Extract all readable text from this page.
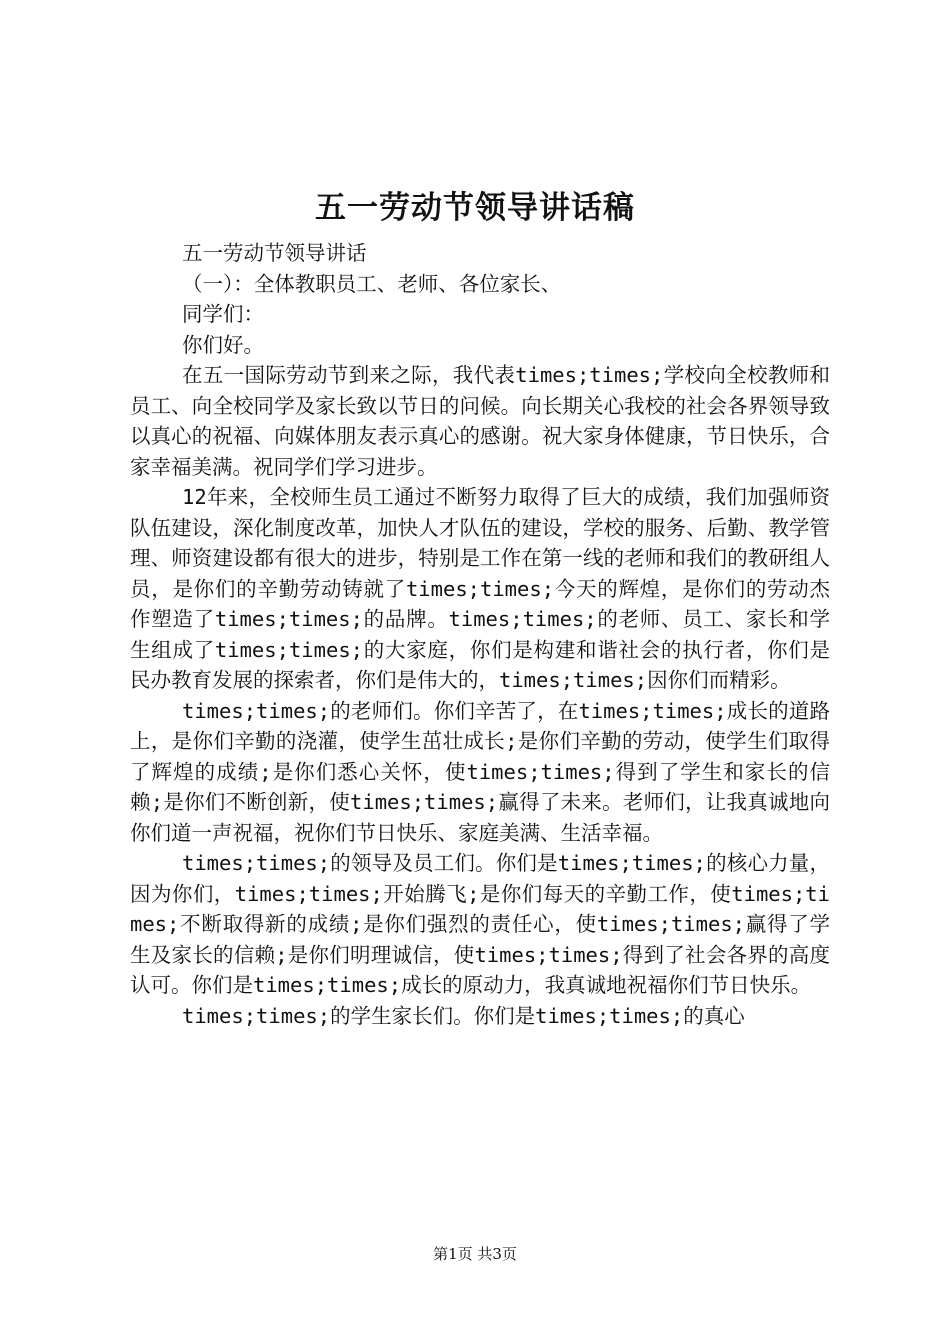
五一劳动节领导讲话稿

五一劳动节领导讲话

（一）：全体教职员工、老师、各位家长、

同学们：

你们好。

在五一国际劳动节到来之际，我代表times;times;学校向全校教师和员工、向全校同学及家长致以节日的问候。向长期关心我校的社会各界领导致以真心的祝福、向媒体朋友表示真心的感谢。祝大家身体健康，节日快乐，合家幸福美满。祝同学们学习进步。

12年来，全校师生员工通过不断努力取得了巨大的成绩，我们加强师资队伍建设，深化制度改革，加快人才队伍的建设，学校的服务、后勤、教学管理、师资建设都有很大的进步，特别是工作在第一线的老师和我们的教研组人员，是你们的辛勤劳动铸就了times;times;今天的辉煌，是你们的劳动杰作塑造了times;times;的品牌。times;times;的老师、员工、家长和学生组成了times;times;的大家庭，你们是构建和谐社会的执行者，你们是民办教育发展的探索者，你们是伟大的，times;times;因你们而精彩。

times;times;的老师们。你们辛苦了，在times;times;成长的道路上，是你们辛勤的浇灌，使学生茁壮成长;是你们辛勤的劳动，使学生们取得了辉煌的成绩;是你们悉心关怀，使times;times;得到了学生和家长的信赖;是你们不断创新，使times;times;赢得了未来。老师们，让我真诚地向你们道一声祝福，祝你们节日快乐、家庭美满、生活幸福。

times;times;的领导及员工们。你们是times;times;的核心力量，因为你们，times;times;开始腾飞;是你们每天的辛勤工作，使times;times;不断取得新的成绩;是你们强烈的责任心，使times;times;赢得了学生及家长的信赖;是你们明理诚信，使times;times;得到了社会各界的高度认可。你们是times;times;成长的原动力，我真诚地祝福你们节日快乐。

times;times;的学生家长们。你们是times;times;的真心

第1页 共3页
